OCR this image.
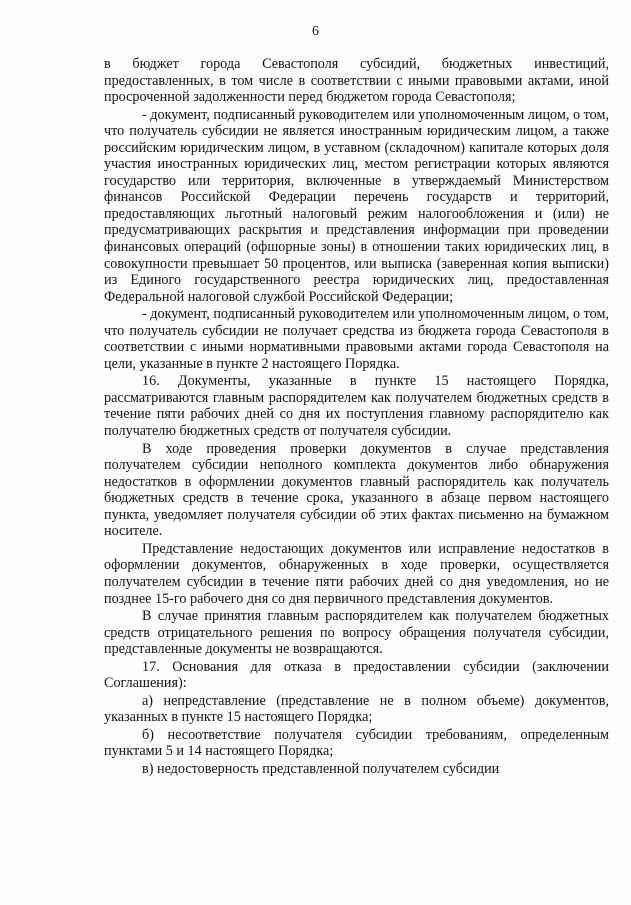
6

в бюджет города Севастополя субсидий, бюджетных инвестиций, предоставленных, в том числе в соответствии с иными правовыми актами, иной просроченной задолженности перед бюджетом города Севастополя;

- документ, подписанный руководителем или уполномоченным лицом, о том, что получатель субсидии не является иностранным юридическим лицом, а также российским юридическим лицом, в уставном (складочном) капитале которых доля участия иностранных юридических лиц, местом регистрации которых являются государство или территория, включенные в утверждаемый Министерством финансов Российской Федерации перечень государств и территорий, предоставляющих льготный налоговый режим налогообложения и (или) не предусматривающих раскрытия и представления информации при проведении финансовых операций (офшорные зоны) в отношении таких юридических лиц, в совокупности превышает 50 процентов, или выписка (заверенная копия выписки) из Единого государственного реестра юридических лиц, предоставленная Федеральной налоговой службой Российской Федерации;

- документ, подписанный руководителем или уполномоченным лицом, о том, что получатель субсидии не получает средства из бюджета города Севастополя в соответствии с иными нормативными правовыми актами города Севастополя на цели, указанные в пункте 2 настоящего Порядка.

16. Документы, указанные в пункте 15 настоящего Порядка, рассматриваются главным распорядителем как получателем бюджетных средств в течение пяти рабочих дней со дня их поступления главному распорядителю как получателю бюджетных средств от получателя субсидии.

В ходе проведения проверки документов в случае представления получателем субсидии неполного комплекта документов либо обнаружения недостатков в оформлении документов главный распорядитель как получатель бюджетных средств в течение срока, указанного в абзаце первом настоящего пункта, уведомляет получателя субсидии об этих фактах письменно на бумажном носителе.

Представление недостающих документов или исправление недостатков в оформлении документов, обнаруженных в ходе проверки, осуществляется получателем субсидии в течение пяти рабочих дней со дня уведомления, но не позднее 15-го рабочего дня со дня первичного представления документов.

В случае принятия главным распорядителем как получателем бюджетных средств отрицательного решения по вопросу обращения получателя субсидии, представленные документы не возвращаются.

17. Основания для отказа в предоставлении субсидии (заключении Соглашения):

а) непредставление (представление не в полном объеме) документов, указанных в пункте 15 настоящего Порядка;

б) несоответствие получателя субсидии требованиям, определенным пунктами 5 и 14 настоящего Порядка;

в) недостоверность представленной получателем субсидии
